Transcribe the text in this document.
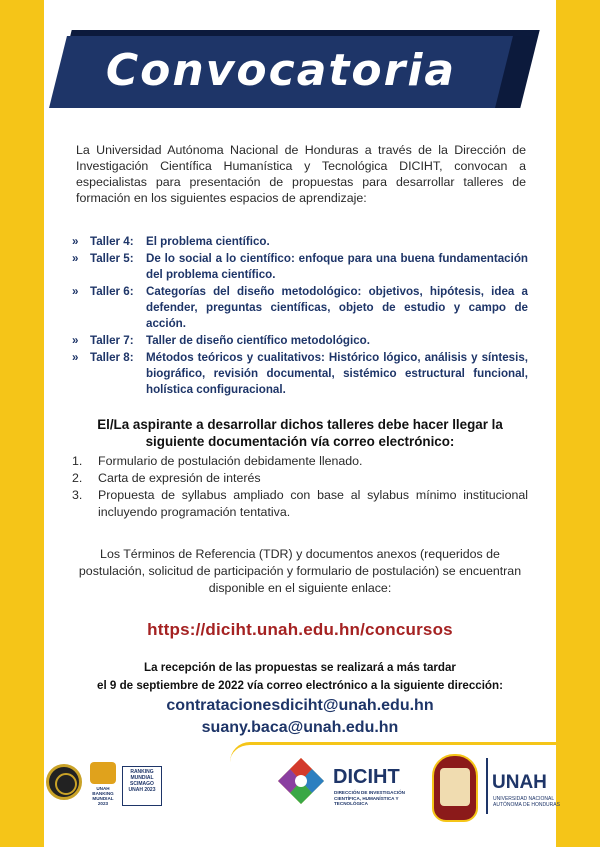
Convocatoria

La Universidad Autónoma Nacional de Honduras a través de la Dirección de Investigación Científica Humanística y Tecnológica DICIHT, convocan a especialistas para presentación de propuestas para desarrollar talleres de formación en los siguientes espacios de aprendizaje:

» Taller 4:	El problema científico.
» Taller 5:	De lo social a lo científico: enfoque para una buena fundamentación del problema científico.
» Taller 6:	Categorías del diseño metodológico: objetivos, hipótesis, idea a defender, preguntas científicas, objeto de estudio y campo de acción.
» Taller 7:	Taller de diseño científico metodológico.
» Taller 8:	Métodos teóricos y cualitativos: Histórico lógico, análisis y síntesis, biográfico, revisión documental, sistémico estructural funcional, holística configuracional.

El/La aspirante a desarrollar dichos talleres debe hacer llegar la siguiente documentación vía correo electrónico:

1.	Formulario de postulación debidamente llenado.
2.	Carta de expresión de interés
3.	Propuesta de syllabus ampliado con base al sylabus mínimo institucional incluyendo programación tentativa.

Los Términos de Referencia (TDR) y documentos anexos (requeridos de postulación, solicitud de participación y formulario de postulación) se encuentran disponible en el siguiente enlace:

https://diciht.unah.edu.hn/concursos
La recepción de las propuestas se realizará a más tardar
el 9 de septiembre de 2022 vía correo electrónico a la siguiente dirección:
contratacionesdiciht@unah.edu.hn
suany.baca@unah.edu.hn
UNAH BANKING MUNDIAL 2023
RANKING MUNDIAL SCIMAGO UNAH 2023
DICIHT
DIRECCIÓN DE INVESTIGACIÓN CIENTÍFICA, HUMANÍSTICA Y TECNOLÓGICA
UNAH
UNIVERSIDAD NACIONAL AUTÓNOMA DE HONDURAS
